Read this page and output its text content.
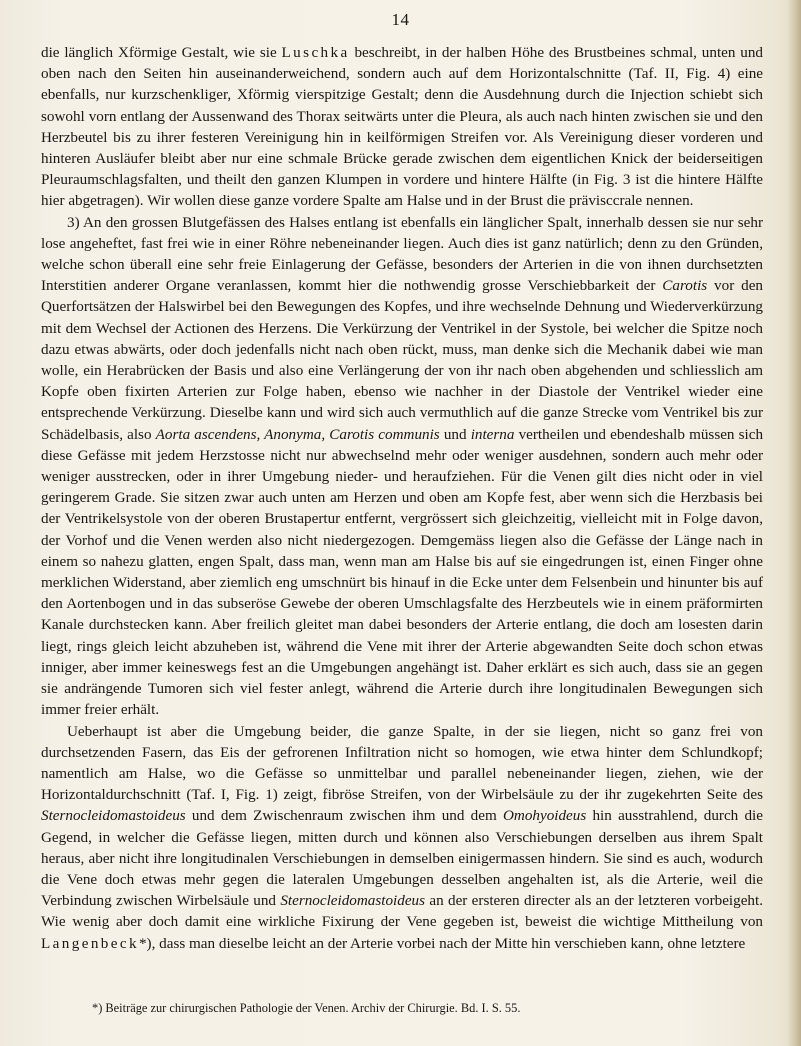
14

die länglich Xförmige Gestalt, wie sie Luschka beschreibt, in der halben Höhe des Brustbeines schmal, unten und oben nach den Seiten hin auseinanderweichend, sondern auch auf dem Horizontalschnitte (Taf. II, Fig. 4) eine ebenfalls, nur kurzschenkliger, Xförmig vierspitzige Gestalt; denn die Ausdehnung durch die Injection schiebt sich sowohl vorn entlang der Aussenwand des Thorax seitwärts unter die Pleura, als auch nach hinten zwischen sie und den Herzbeutel bis zu ihrer festeren Vereinigung hin in keilförmigen Streifen vor. Als Vereinigung dieser vorderen und hinteren Ausläufer bleibt aber nur eine schmale Brücke gerade zwischen dem eigentlichen Knick der beiderseitigen Pleuraumschlagsfalten, und theilt den ganzen Klumpen in vordere und hintere Hälfte (in Fig. 3 ist die hintere Hälfte hier abgetragen). Wir wollen diese ganze vordere Spalte am Halse und in der Brust die prävisccrale nennen.

3) An den grossen Blutgefässen des Halses entlang ist ebenfalls ein länglicher Spalt, innerhalb dessen sie nur sehr lose angeheftet, fast frei wie in einer Röhre nebeneinander liegen. Auch dies ist ganz natürlich; denn zu den Gründen, welche schon überall eine sehr freie Einlagerung der Gefässe, besonders der Arterien in die von ihnen durchsetzten Interstitien anderer Organe veranlassen, kommt hier die nothwendig grosse Verschiebbarkeit der Carotis vor den Querfortsätzen der Halswirbel bei den Bewegungen des Kopfes, und ihre wechselnde Dehnung und Wiederverkürzung mit dem Wechsel der Actionen des Herzens. Die Verkürzung der Ventrikel in der Systole, bei welcher die Spitze noch dazu etwas abwärts, oder doch jedenfalls nicht nach oben rückt, muss, man denke sich die Mechanik dabei wie man wolle, ein Herabrücken der Basis und also eine Verlängerung der von ihr nach oben abgehenden und schliesslich am Kopfe oben fixirten Arterien zur Folge haben, ebenso wie nachher in der Diastole der Ventrikel wieder eine entsprechende Verkürzung. Dieselbe kann und wird sich auch vermuthlich auf die ganze Strecke vom Ventrikel bis zur Schädelbasis, also Aorta ascendens, Anonyma, Carotis communis und interna vertheilen und ebendeshalb müssen sich diese Gefässe mit jedem Herzstosse nicht nur abwechselnd mehr oder weniger ausdehnen, sondern auch mehr oder weniger ausstrecken, oder in ihrer Umgebung nieder- und heraufziehen. Für die Venen gilt dies nicht oder in viel geringerem Grade. Sie sitzen zwar auch unten am Herzen und oben am Kopfe fest, aber wenn sich die Herzbasis bei der Ventrikelsystole von der oberen Brustapertur entfernt, vergrössert sich gleichzeitig, vielleicht mit in Folge davon, der Vorhof und die Venen werden also nicht niedergezogen. Demgemäss liegen also die Gefässe der Länge nach in einem so nahezu glatten, engen Spalt, dass man, wenn man am Halse bis auf sie eingedrungen ist, einen Finger ohne merklichen Widerstand, aber ziemlich eng umschnürt bis hinauf in die Ecke unter dem Felsenbein und hinunter bis auf den Aortenbogen und in das subseröse Gewebe der oberen Umschlagsfalte des Herzbeutels wie in einem präformirten Kanale durchstecken kann. Aber freilich gleitet man dabei besonders der Arterie entlang, die doch am losesten darin liegt, rings gleich leicht abzuheben ist, während die Vene mit ihrer der Arterie abgewandten Seite doch schon etwas inniger, aber immer keineswegs fest an die Umgebungen angehängt ist. Daher erklärt es sich auch, dass sie an gegen sie andrängende Tumoren sich viel fester anlegt, während die Arterie durch ihre longitudinalen Bewegungen sich immer freier erhält.

Ueberhaupt ist aber die Umgebung beider, die ganze Spalte, in der sie liegen, nicht so ganz frei von durchsetzenden Fasern, das Eis der gefrorenen Infiltration nicht so homogen, wie etwa hinter dem Schlundkopf; namentlich am Halse, wo die Gefässe so unmittelbar und parallel nebeneinander liegen, ziehen, wie der Horizontaldurchschnitt (Taf. I, Fig. 1) zeigt, fibröse Streifen, von der Wirbelsäule zu der ihr zugekehrten Seite des Sternocleidomastoideus und dem Zwischenraum zwischen ihm und dem Omohyoideus hin ausstrahlend, durch die Gegend, in welcher die Gefässe liegen, mitten durch und können also Verschiebungen derselben aus ihrem Spalt heraus, aber nicht ihre longitudinalen Verschiebungen in demselben einigermassen hindern. Sie sind es auch, wodurch die Vene doch etwas mehr gegen die lateralen Umgebungen desselben angehalten ist, als die Arterie, weil die Verbindung zwischen Wirbelsäule und Sternocleidomastoideus an der ersteren directer als an der letzteren vorbeigeht. Wie wenig aber doch damit eine wirkliche Fixirung der Vene gegeben ist, beweist die wichtige Mittheilung von Langenbeck*), dass man dieselbe leicht an der Arterie vorbei nach der Mitte hin verschieben kann, ohne letztere

*) Beiträge zur chirurgischen Pathologie der Venen. Archiv der Chirurgie. Bd. I. S. 55.
